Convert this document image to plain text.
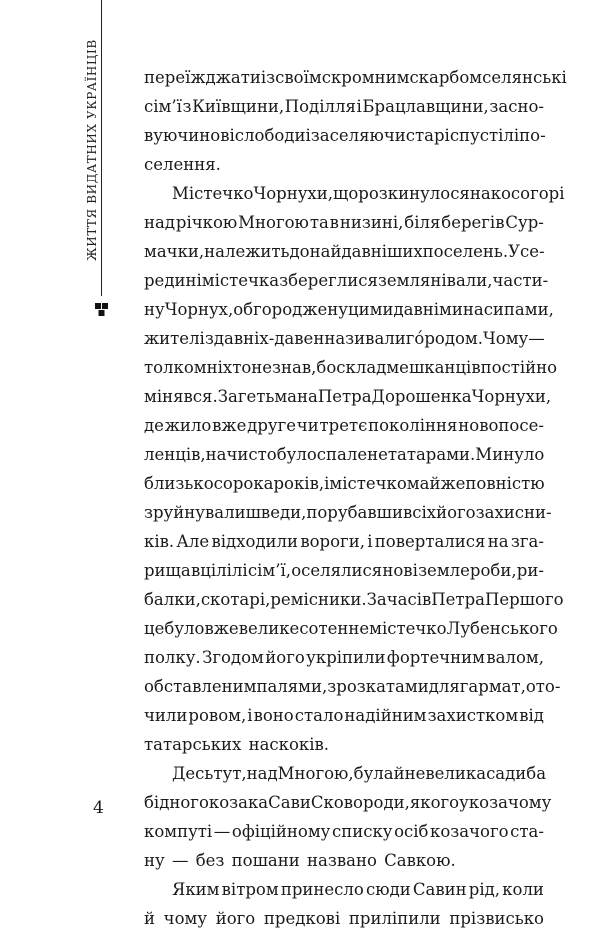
ЖИТТЯ ВИДАТНИХ УКРАЇНЦІВ
4
переїжджати із своїм скромним скарбом селянські
сім’ї з Київщини, Поділля і Брацлавщини, засно-
вуючи нові слободи і заселяючи старі спустілі по-
селення.
Містечко Чорнухи, що розкинулося на косогорі
над річкою Многою та в низині, біля берегів Сур-
мачки, належить до найдавніших поселень. Усе-
редині містечка збереглися земляні вали, части-
ну Чорнух, обгороджену цими давніми насипами,
жителі з давніх-давен називали гóродом. Чому —
толком ніхто не знав, бо склад мешканців постійно
мінявся. За гетьмана Петра Дорошенка Чорнухи,
де жило вже друге чи третє покоління новопосе-
ленців, начисто було спалене татарами. Минуло
близько сорока років, і містечко майже повністю
зруйнували шведи, порубавши всіх його захисни-
ків. Але відходили вороги, і поверталися на зга-
рища вцілілі сім’ї, оселялися нові землероби, ри-
балки, скотарі, ремісники. За часів Петра Першого
це було вже велике сотенне містечко Лубенського
полку. Згодом його укріпили фортечним валом,
обставленим палями, з розкатами для гармат, ото-
чили ровом, і воно стало надійним захистком від
татарських наскоків.
Десь тут, над Многою, була й невелика садиба
бідного козака Сави Сковороди, якого у козачому
компуті — офіційному списку осіб козачого ста-
ну — без пошани названо Савкою.
Яким вітром принесло сюди Савин рід, коли
й чому його предкові приліпили прізвисько
